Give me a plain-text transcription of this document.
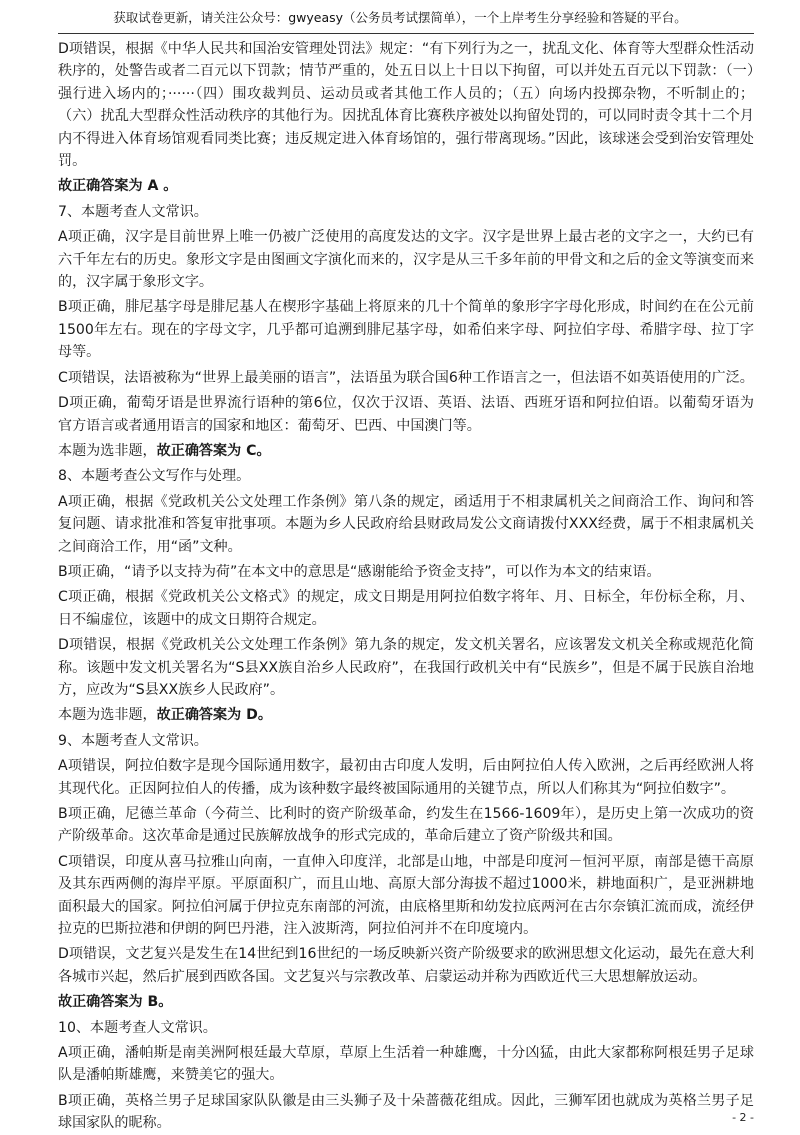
获取试卷更新，请关注公众号：gwyeasy（公务员考试摆简单），一个上岸考生分享经验和答疑的平台。

D项错误，根据《中华人民共和国治安管理处罚法》规定：“有下列行为之一，扰乱文化、体育等大型群众性活动秩序的，处警告或者二百元以下罚款；情节严重的，处五日以上十日以下拘留，可以并处五百元以下罚款：（一）强行进入场内的；······（四）围攻裁判员、运动员或者其他工作人员的；（五）向场内投掷杂物，不听制止的；（六）扰乱大型群众性活动秩序的其他行为。因扰乱体育比赛秩序被处以拘留处罚的，可以同时责令其十二个月内不得进入体育场馆观看同类比赛；违反规定进入体育场馆的，强行带离现场。”因此，该球迷会受到治安管理处罚。

故正确答案为 A 。

7、本题考查人文常识。

A项正确，汉字是目前世界上唯一仍被广泛使用的高度发达的文字。汉字是世界上最古老的文字之一，大约已有六千年左右的历史。象形文字是由图画文字演化而来的，汉字是从三千多年前的甲骨文和之后的金文等演变而来的，汉字属于象形文字。

B项正确，腓尼基字母是腓尼基人在楔形字基础上将原来的几十个简单的象形字字母化形成，时间约在在公元前1500年左右。现在的字母文字，几乎都可追溯到腓尼基字母，如希伯来字母、阿拉伯字母、希腊字母、拉丁字母等。

C项错误，法语被称为“世界上最美丽的语言”，法语虽为联合国6种工作语言之一，但法语不如英语使用的广泛。

D项正确，葡萄牙语是世界流行语种的第6位，仅次于汉语、英语、法语、西班牙语和阿拉伯语。以葡萄牙语为官方语言或者通用语言的国家和地区：葡萄牙、巴西、中国澳门等。

本题为选非题，故正确答案为 C。

8、本题考查公文写作与处理。

A项正确，根据《党政机关公文处理工作条例》第八条的规定，函适用于不相隶属机关之间商洽工作、询问和答复问题、请求批准和答复审批事项。本题为乡人民政府给县财政局发公文商请拨付XXX经费，属于不相隶属机关之间商洽工作，用“函”文种。

B项正确，“请予以支持为荷”在本文中的意思是“感谢能给予资金支持”，可以作为本文的结束语。

C项正确，根据《党政机关公文格式》的规定，成文日期是用阿拉伯数字将年、月、日标全，年份标全称，月、日不编虚位，该题中的成文日期符合规定。

D项错误，根据《党政机关公文处理工作条例》第九条的规定，发文机关署名，应该署发文机关全称或规范化简称。该题中发文机关署名为“S县XX族自治乡人民政府”，在我国行政机关中有“民族乡”，但是不属于民族自治地方，应改为“S县XX族乡人民政府”。

本题为选非题，故正确答案为 D。

9、本题考查人文常识。

A项错误，阿拉伯数字是现今国际通用数字，最初由古印度人发明，后由阿拉伯人传入欧洲，之后再经欧洲人将其现代化。正因阿拉伯人的传播，成为该种数字最终被国际通用的关键节点，所以人们称其为“阿拉伯数字”。

B项正确，尼德兰革命（今荷兰、比利时的资产阶级革命，约发生在1566-1609年），是历史上第一次成功的资产阶级革命。这次革命是通过民族解放战争的形式完成的，革命后建立了资产阶级共和国。

C项错误，印度从喜马拉雅山向南，一直伸入印度洋，北部是山地，中部是印度河－恒河平原，南部是德干高原及其东西两侧的海岸平原。平原面积广，而且山地、高原大部分海拔不超过1000米，耕地面积广，是亚洲耕地面积最大的国家。阿拉伯河属于伊拉克东南部的河流，由底格里斯和幼发拉底两河在古尔奈镇汇流而成，流经伊拉克的巴斯拉港和伊朗的阿巴丹港，注入波斯湾，阿拉伯河并不在印度境内。

D项错误，文艺复兴是发生在14世纪到16世纪的一场反映新兴资产阶级要求的欧洲思想文化运动，最先在意大利各城市兴起，然后扩展到西欧各国。文艺复兴与宗教改革、启蒙运动并称为西欧近代三大思想解放运动。

故正确答案为 B。

10、本题考查人文常识。

A项正确，潘帕斯是南美洲阿根廷最大草原，草原上生活着一种雄鹰，十分凶猛，由此大家都称阿根廷男子足球队是潘帕斯雄鹰，来赞美它的强大。

B项正确，英格兰男子足球国家队队徽是由三头狮子及十朵蔷薇花组成。因此，三狮军团也就成为英格兰男子足球国家队的昵称。	- 2 -
